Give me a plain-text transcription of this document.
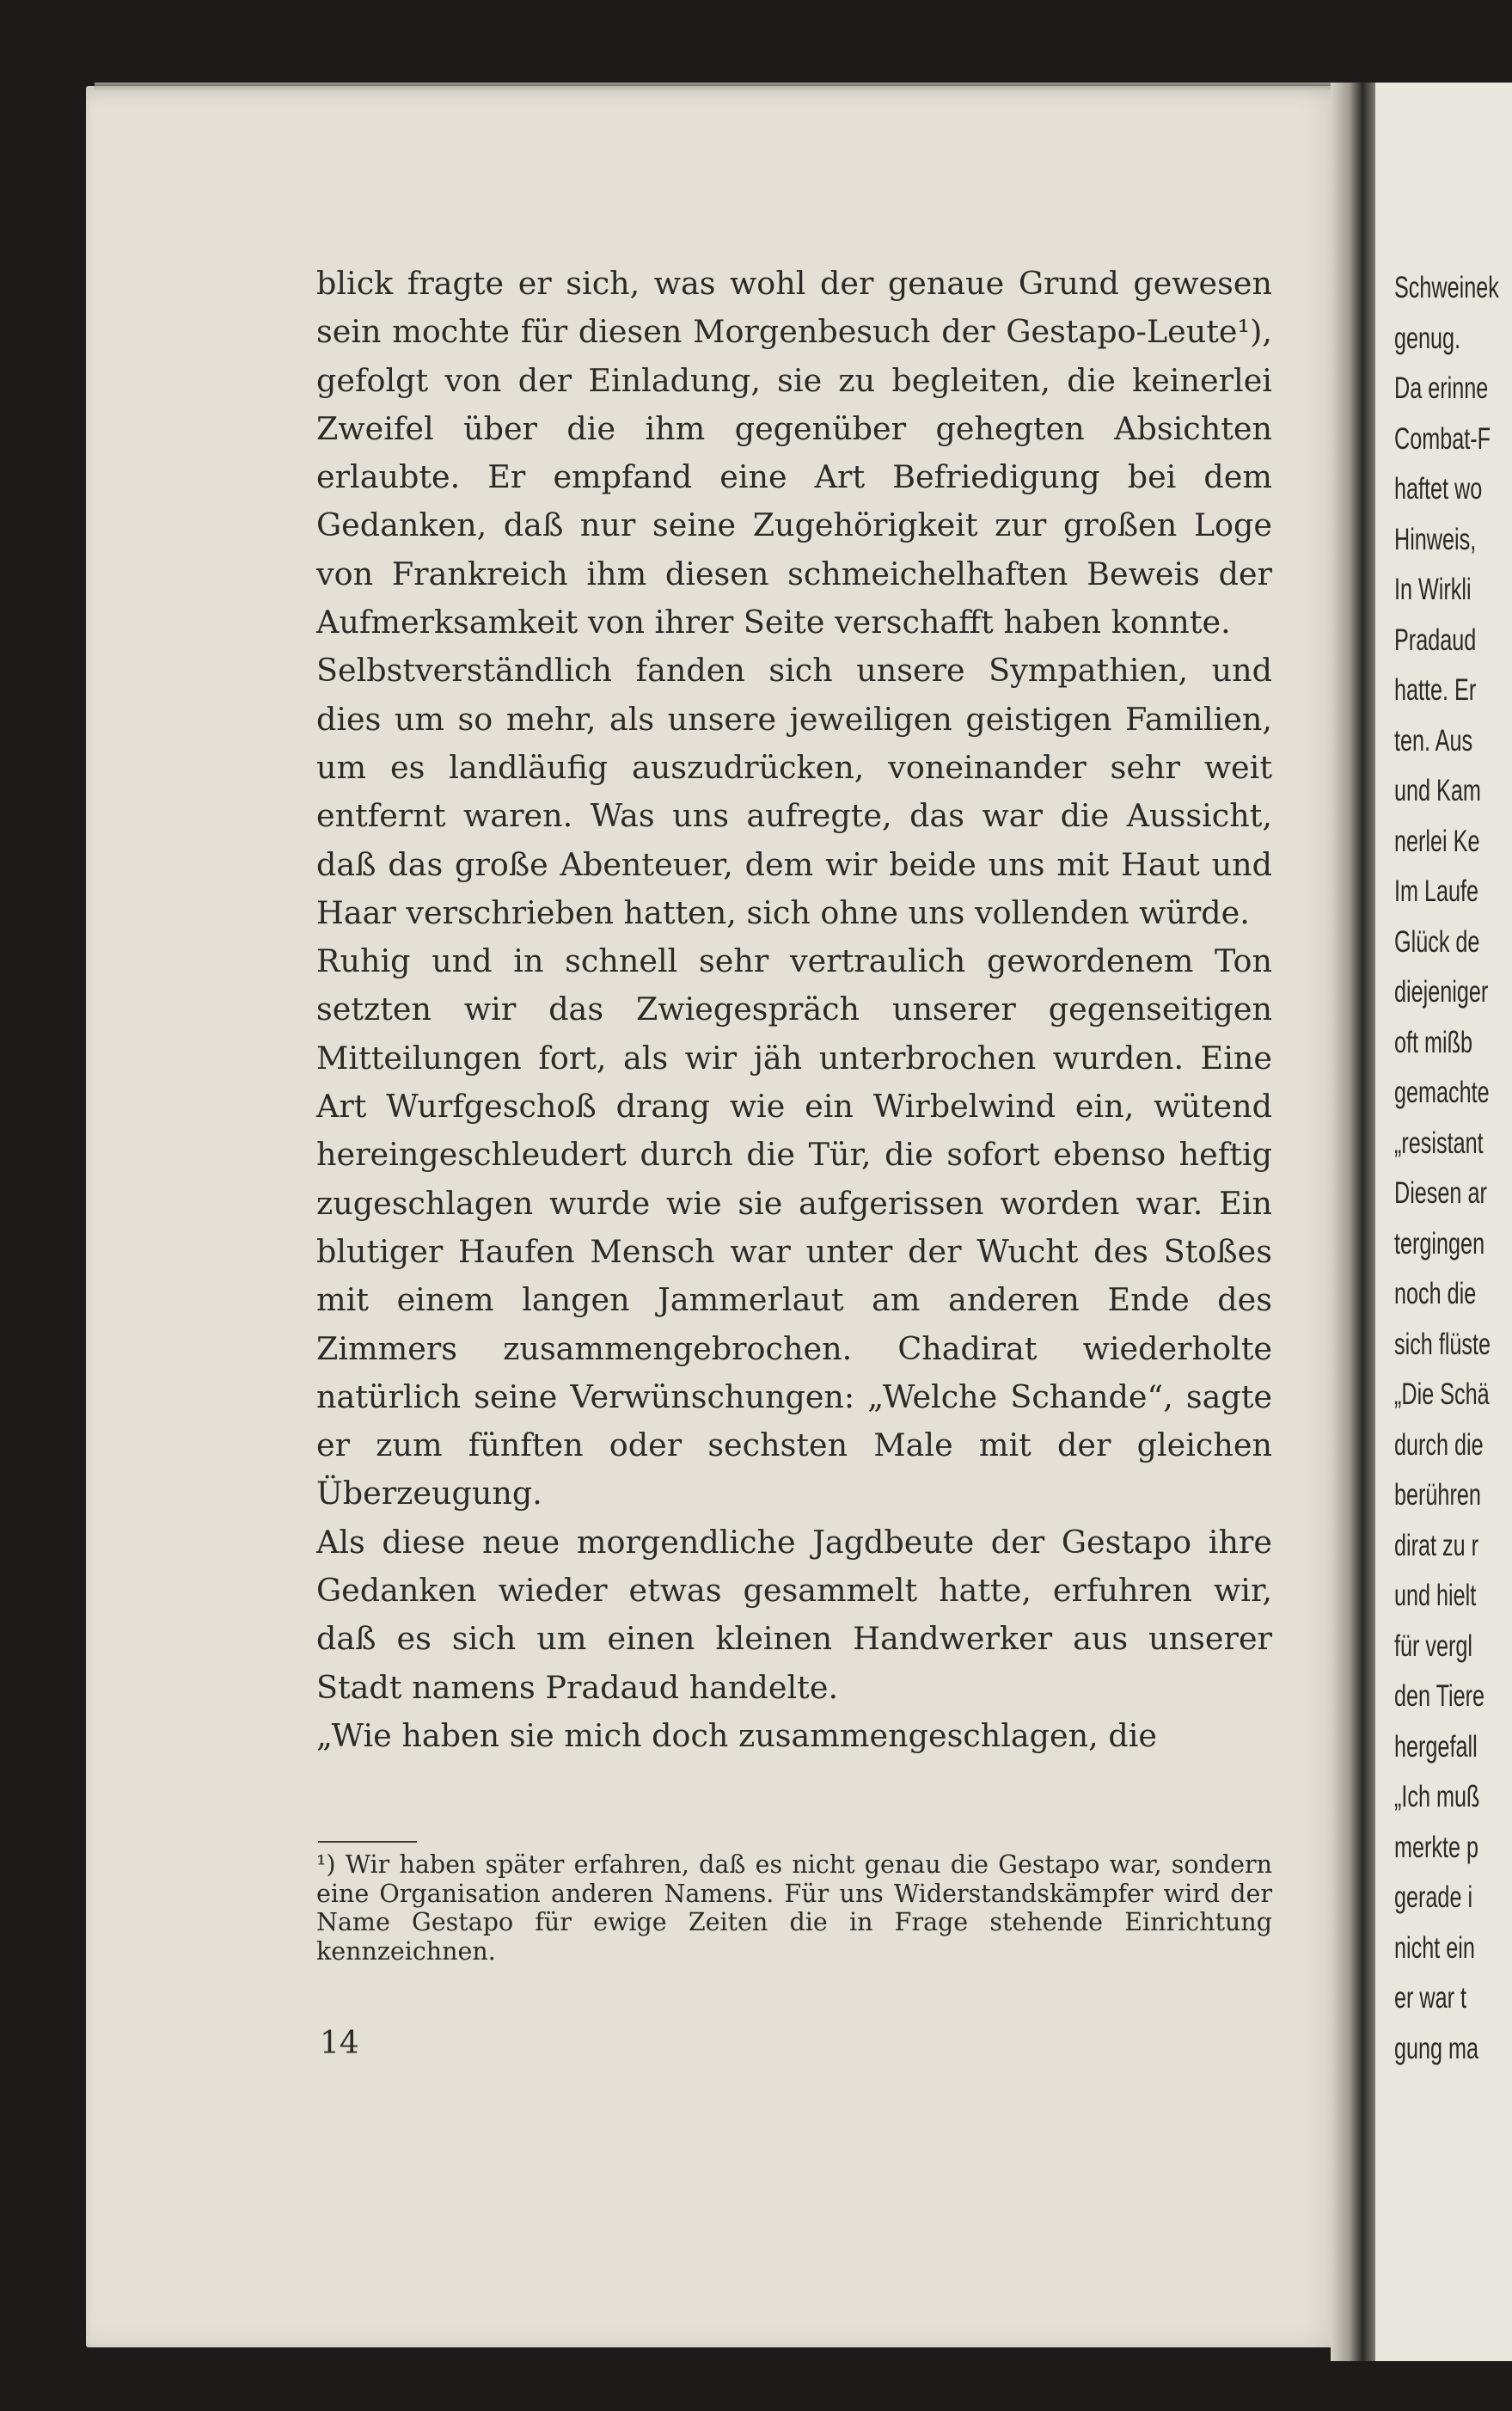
Schweinek
genug.
Da erinne
Combat-F
haftet wo
Hinweis,
In Wirkli
Pradaud
hatte. Er
ten. Aus
und Kam
nerlei Ke
Im Laufe
Glück de
diejeniger
oft mißb
gemachte
„resistant
Diesen ar
tergingen
noch die
sich flüste
„Die Schä
durch die
berühren
dirat zu r
und hielt
für vergl
den Tiere
hergefall
„Ich muß
merkte p
gerade i
nicht ein
er war t
gung ma

blick fragte er sich, was wohl der genaue Grund gewesen sein mochte für diesen Morgenbesuch der Gestapo-Leute¹), gefolgt von der Einladung, sie zu begleiten, die keinerlei Zweifel über die ihm gegenüber gehegten Absichten erlaubte. Er empfand eine Art Befriedigung bei dem Gedanken, daß nur seine Zugehörigkeit zur großen Loge von Frankreich ihm diesen schmeichelhaften Beweis der Aufmerksamkeit von ihrer Seite verschafft haben konnte.

Selbstverständlich fanden sich unsere Sympathien, und dies um so mehr, als unsere jeweiligen geistigen Familien, um es landläufig auszudrücken, voneinander sehr weit entfernt waren. Was uns aufregte, das war die Aussicht, daß das große Abenteuer, dem wir beide uns mit Haut und Haar verschrieben hatten, sich ohne uns vollenden würde.

Ruhig und in schnell sehr vertraulich gewordenem Ton setzten wir das Zwiegespräch unserer gegenseitigen Mitteilungen fort, als wir jäh unterbrochen wurden. Eine Art Wurfgeschoß drang wie ein Wirbelwind ein, wütend hereingeschleudert durch die Tür, die sofort ebenso heftig zugeschlagen wurde wie sie aufgerissen worden war. Ein blutiger Haufen Mensch war unter der Wucht des Stoßes mit einem langen Jammerlaut am anderen Ende des Zimmers zusammengebrochen. Chadirat wiederholte natürlich seine Verwünschungen: „Welche Schande“, sagte er zum fünften oder sechsten Male mit der gleichen Überzeugung.

Als diese neue morgendliche Jagdbeute der Gestapo ihre Gedanken wieder etwas gesammelt hatte, erfuhren wir, daß es sich um einen kleinen Handwerker aus unserer Stadt namens Pradaud handelte.

„Wie haben sie mich doch zusammengeschlagen, die

¹) Wir haben später erfahren, daß es nicht genau die Gestapo war, sondern eine Organisation anderen Namens. Für uns Widerstandskämpfer wird der Name Gestapo für ewige Zeiten die in Frage stehende Einrichtung kennzeichnen.
14
